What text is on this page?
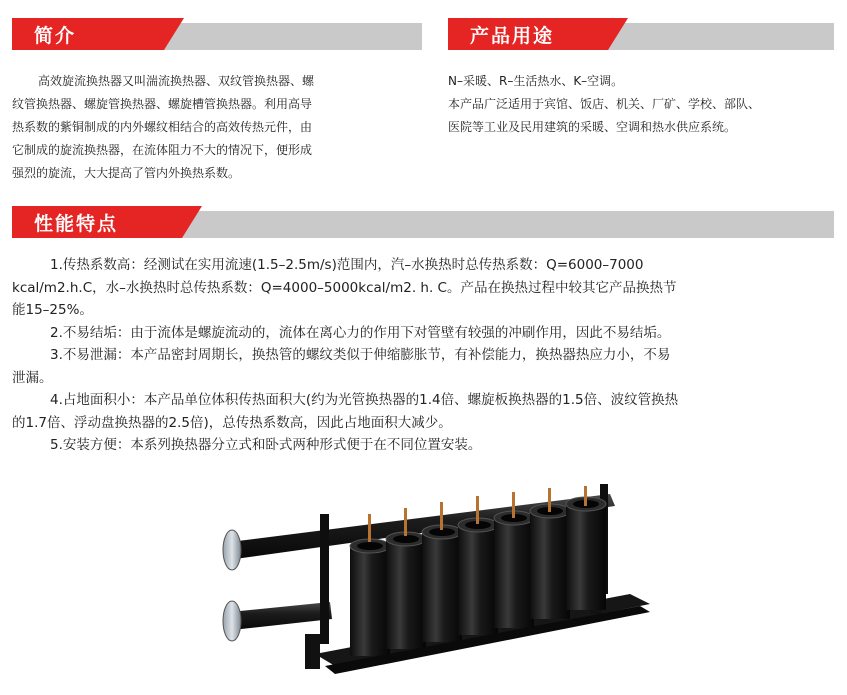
简介

高效旋流换热器又叫湍流换热器、双纹管换热器、螺

纹管换热器、螺旋管换热器、螺旋槽管换热器。利用高导

热系数的紫铜制成的内外螺纹相结合的高效传热元件，由

它制成的旋流换热器，在流体阻力不大的情况下，便形成

强烈的旋流，大大提高了管内外换热系数。

产品用途

N–采暖、R–生活热水、K–空调。

本产品广泛适用于宾馆、饭店、机关、厂矿、学校、部队、

医院等工业及民用建筑的采暖、空调和热水供应系统。

性能特点

1.传热系数高：经测试在实用流速(1.5–2.5m/s)范围内，汽–水换热时总传热系数：Q=6000–7000

kcal/m2.h.C，水–水换热时总传热系数：Q=4000–5000kcal/m2. h. C。产品在换热过程中较其它产品换热节

能15–25%。

2.不易结垢：由于流体是螺旋流动的，流体在离心力的作用下对管壁有较强的冲刷作用，因此不易结垢。

3.不易泄漏：本产品密封周期长，换热管的螺纹类似于伸缩膨胀节，有补偿能力，换热器热应力小，不易

泄漏。

4.占地面积小：本产品单位体积传热面积大(约为光管换热器的1.4倍、螺旋板换热器的1.5倍、波纹管换热

的1.7倍、浮动盘换热器的2.5倍)，总传热系数高，因此占地面积大减少。

5.安装方便：本系列换热器分立式和卧式两种形式便于在不同位置安装。
